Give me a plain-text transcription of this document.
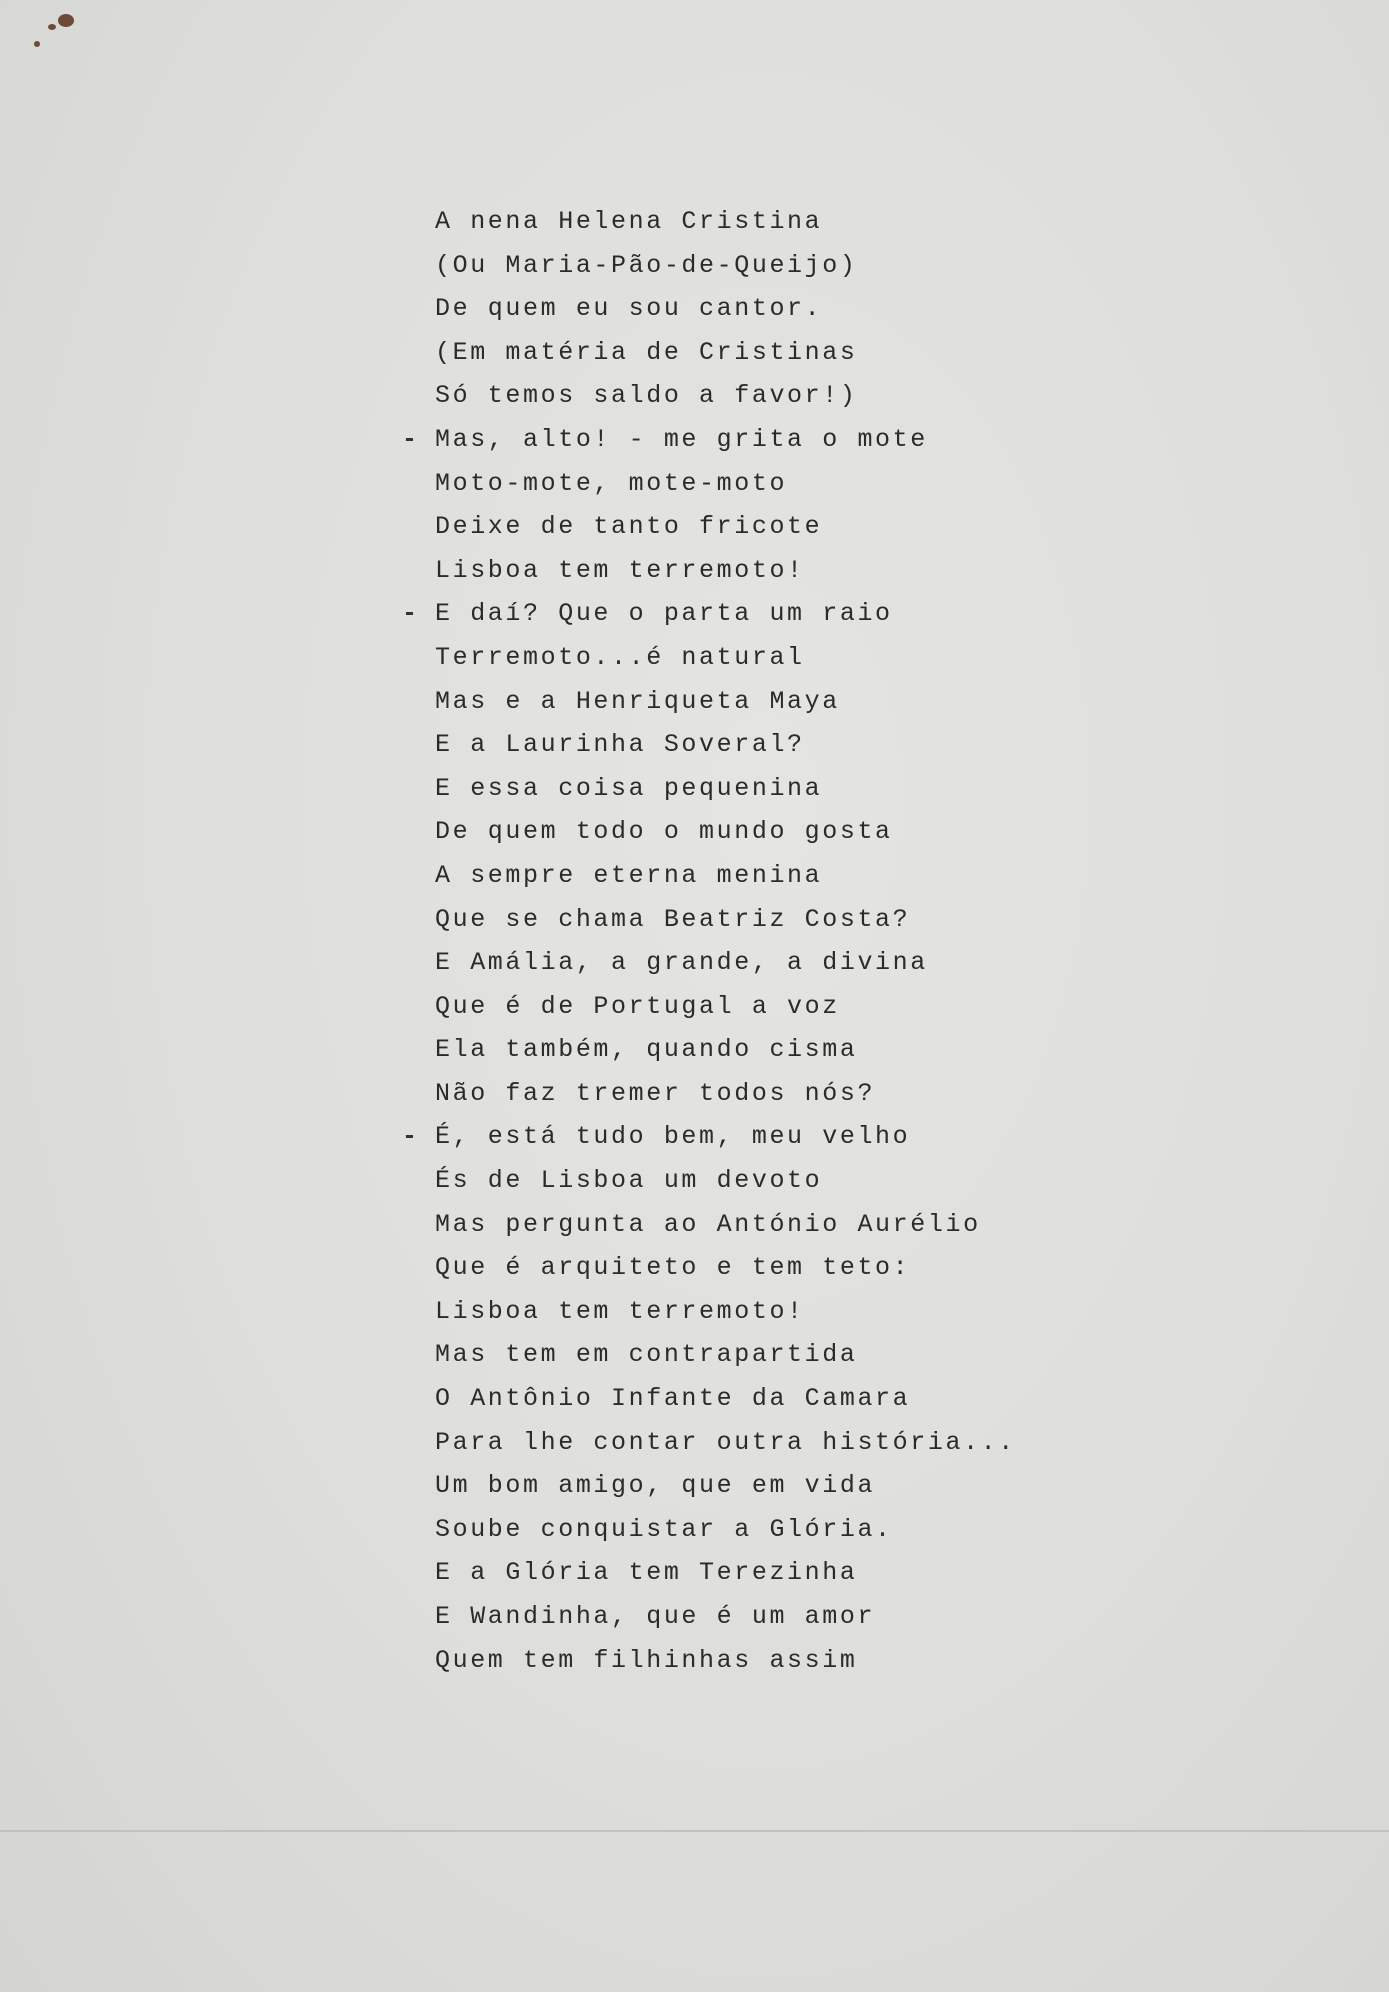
A nena Helena Cristina
(Ou Maria-Pão-de-Queijo)
De quem eu sou cantor.
(Em matéria de Cristinas
Só temos saldo a favor!)
- Mas, alto! - me grita o mote
Moto-mote, mote-moto
Deixe de tanto fricote
Lisboa tem terremoto!
- E daí? Que o parta um raio
Terremoto...é natural
Mas e a Henriqueta Maya
E a Laurinha Soveral?
E essa coisa pequenina
De quem todo o mundo gosta
A sempre eterna menina
Que se chama Beatriz Costa?
E Amália, a grande, a divina
Que é de Portugal a voz
Ela também, quando cisma
Não faz tremer todos nós?
- É, está tudo bem, meu velho
És de Lisboa um devoto
Mas pergunta ao António Aurélio
Que é arquiteto e tem teto:
Lisboa tem terremoto!
Mas tem em contrapartida
O Antônio Infante da Camara
Para lhe contar outra história...
Um bom amigo, que em vida
Soube conquistar a Glória.
E a Glória tem Terezinha
E Wandinha, que é um amor
Quem tem filhinhas assim
